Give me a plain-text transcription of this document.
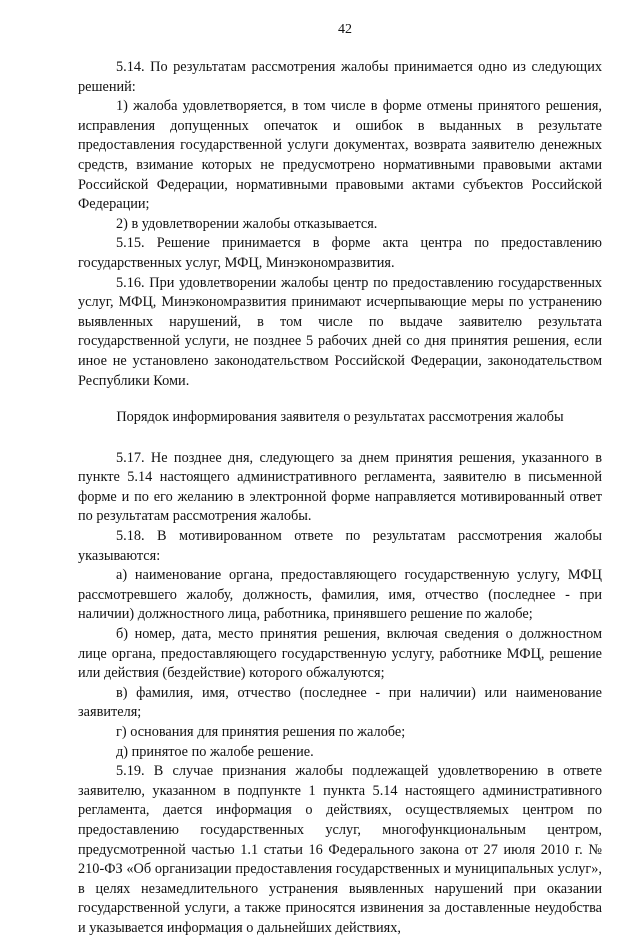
42

5.14. По результатам рассмотрения жалобы принимается одно из следующих решений:

1) жалоба удовлетворяется, в том числе в форме отмены принятого решения, исправления допущенных опечаток и ошибок в выданных в результате предоставления государственной услуги документах, возврата заявителю денежных средств, взимание которых не предусмотрено нормативными правовыми актами Российской Федерации, нормативными правовыми актами субъектов Российской Федерации;

2) в удовлетворении жалобы отказывается.

5.15. Решение принимается в форме акта центра по предоставлению государственных услуг, МФЦ, Минэкономразвития.

5.16. При удовлетворении жалобы центр по предоставлению государственных услуг, МФЦ, Минэкономразвития принимают исчерпывающие меры по устранению выявленных нарушений, в том числе по выдаче заявителю результата государственной услуги, не позднее 5 рабочих дней со дня принятия решения, если иное не установлено законодательством Российской Федерации, законодательством Республики Коми.

Порядок информирования заявителя о результатах рассмотрения жалобы

5.17. Не позднее дня, следующего за днем принятия решения, указанного в пункте 5.14 настоящего административного регламента, заявителю в письменной форме и по его желанию в электронной форме направляется мотивированный ответ по результатам рассмотрения жалобы.

5.18. В мотивированном ответе по результатам рассмотрения жалобы указываются:

а) наименование органа, предоставляющего государственную услугу, МФЦ рассмотревшего жалобу, должность, фамилия, имя, отчество (последнее - при наличии) должностного лица, работника, принявшего решение по жалобе;

б) номер, дата, место принятия решения, включая сведения о должностном лице органа, предоставляющего государственную услугу, работнике МФЦ, решение или действия (бездействие) которого обжалуются;

в) фамилия, имя, отчество (последнее - при наличии) или наименование заявителя;

г) основания для принятия решения по жалобе;

д) принятое по жалобе решение.

5.19. В случае признания жалобы подлежащей удовлетворению в ответе заявителю, указанном в подпункте 1 пункта 5.14 настоящего административного регламента, дается информация о действиях, осуществляемых центром по предоставлению государственных услуг, многофункциональным центром, предусмотренной частью 1.1 статьи 16 Федерального закона от 27 июля 2010 г. № 210-ФЗ «Об организации предоставления государственных и муниципальных услуг», в целях незамедлительного устранения выявленных нарушений при оказании государственной услуги, а также приносятся извинения за доставленные неудобства и указывается информация о дальнейших действиях,
